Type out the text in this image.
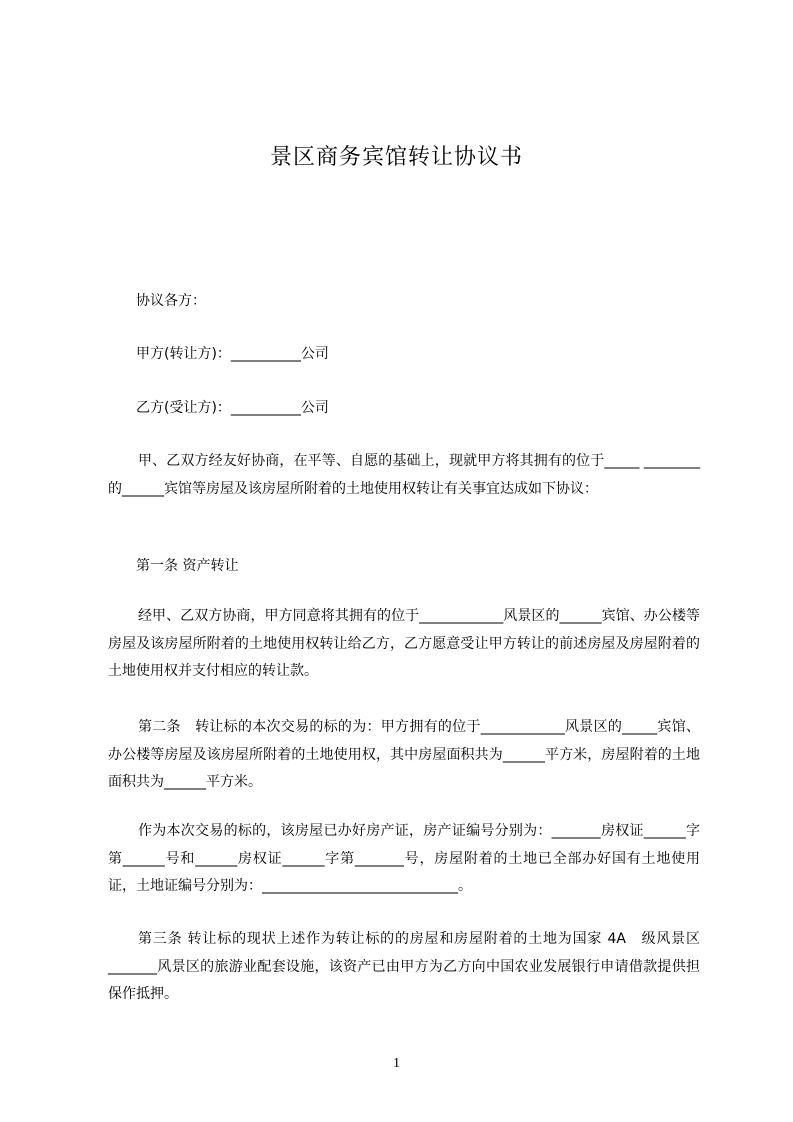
景区商务宾馆转让协议书

协议各方：

甲方(转让方)：__________公司

乙方(受让方)：__________公司

甲、乙双方经友好协商，在平等、自愿的基础上，现就甲方将其拥有的位于_____ ________的______宾馆等房屋及该房屋所附着的土地使用权转让有关事宜达成如下协议：

第一条 资产转让

经甲、乙双方协商，甲方同意将其拥有的位于____________风景区的______宾馆、办公楼等房屋及该房屋所附着的土地使用权转让给乙方，乙方愿意受让甲方转让的前述房屋及房屋附着的土地使用权并支付相应的转让款。

第二条　转让标的本次交易的标的为：甲方拥有的位于____________风景区的_____宾馆、办公楼等房屋及该房屋所附着的土地使用权，其中房屋面积共为______平方米，房屋附着的土地面积共为______平方米。

作为本次交易的标的，该房屋已办好房产证，房产证编号分别为：_______房权证______字第______号和______房权证______字第_______号，房屋附着的土地已全部办好国有土地使用证，土地证编号分别为：____________________________。

第三条 转让标的现状上述作为转让标的的房屋和房屋附着的土地为国家 4A　级风景区_______风景区的旅游业配套设施，该资产已由甲方为乙方向中国农业发展银行申请借款提供担保作抵押。

1
